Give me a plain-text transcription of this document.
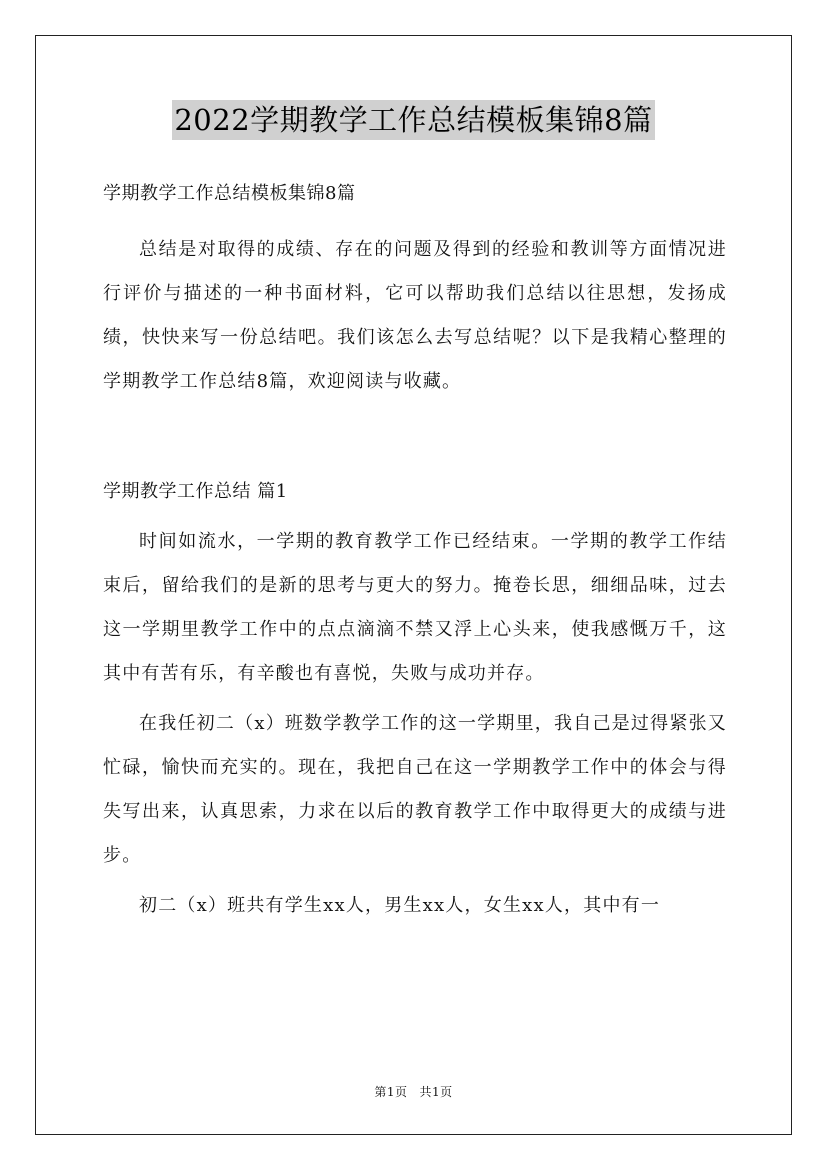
2022学期教学工作总结模板集锦8篇
学期教学工作总结模板集锦8篇

总结是对取得的成绩、存在的问题及得到的经验和教训等方面情况进行评价与描述的一种书面材料，它可以帮助我们总结以往思想，发扬成绩，快快来写一份总结吧。我们该怎么去写总结呢？以下是我精心整理的学期教学工作总结8篇，欢迎阅读与收藏。

学期教学工作总结 篇1

时间如流水，一学期的教育教学工作已经结束。一学期的教学工作结束后，留给我们的是新的思考与更大的努力。掩卷长思，细细品味，过去这一学期里教学工作中的点点滴滴不禁又浮上心头来，使我感慨万千，这其中有苦有乐，有辛酸也有喜悦，失败与成功并存。

在我任初二（x）班数学教学工作的这一学期里，我自己是过得紧张又忙碌，愉快而充实的。现在，我把自己在这一学期教学工作中的体会与得失写出来，认真思索，力求在以后的教育教学工作中取得更大的成绩与进步。

初二（x）班共有学生xx人，男生xx人，女生xx人，其中有一

第1页 共1页
